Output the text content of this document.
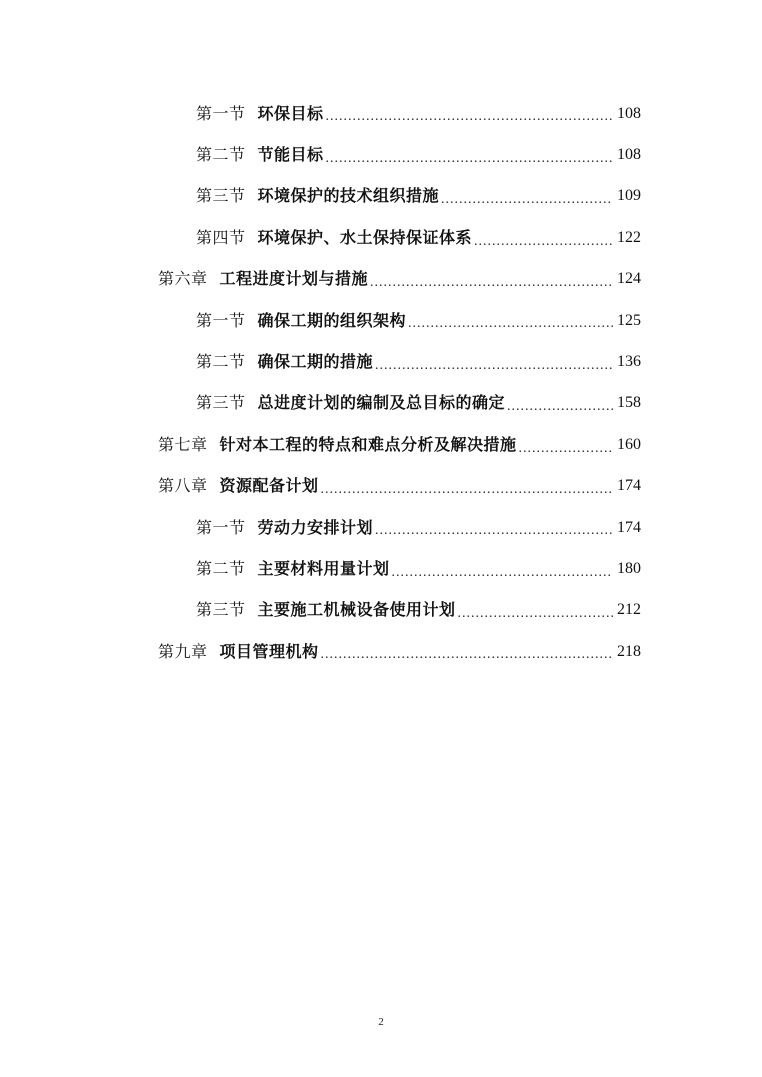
第一节 环保目标 .....	108
第二节 节能目标 .....	108
第三节 环境保护的技术组织措施 .....	109
第四节 环境保护、水土保持保证体系 .....	122
第六章 工程进度计划与措施 .....	124
第一节 确保工期的组织架构 .....	125
第二节 确保工期的措施 .....	136
第三节 总进度计划的编制及总目标的确定 .....	158
第七章 针对本工程的特点和难点分析及解决措施 .....	160
第八章 资源配备计划 .....	174
第一节 劳动力安排计划 .....	174
第二节 主要材料用量计划 .....	180
第三节 主要施工机械设备使用计划 .....	212
第九章 项目管理机构 .....	218
2
